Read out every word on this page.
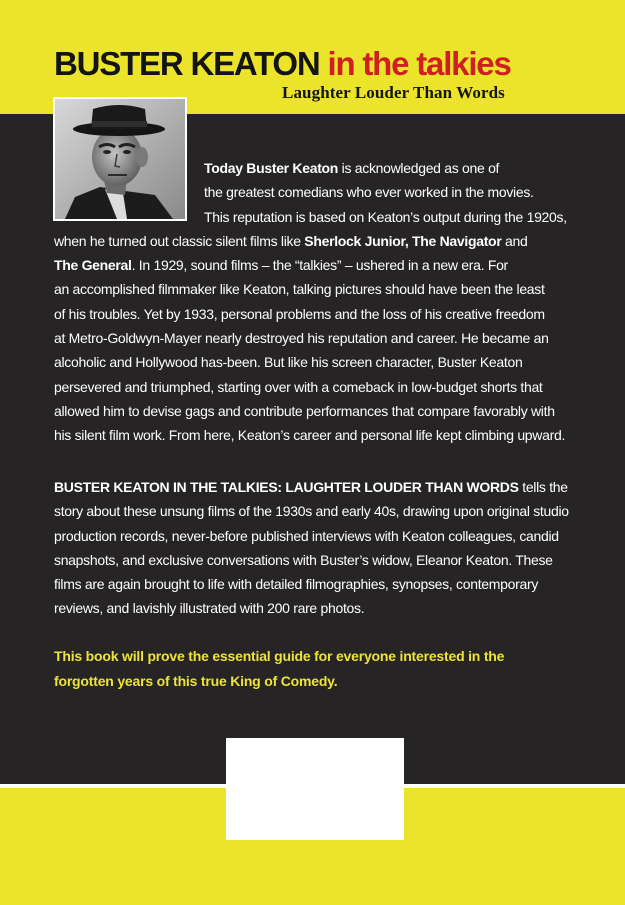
BUSTER KEATON in the talkies
Laughter Louder Than Words
Today Buster Keaton is acknowledged as one of
the greatest comedians who ever worked in the movies.
This reputation is based on Keaton’s output during the 1920s,
when he turned out classic silent films like Sherlock Junior, The Navigator and
The General. In 1929, sound films – the “talkies” – ushered in a new era. For
an accomplished filmmaker like Keaton, talking pictures should have been the least
of his troubles. Yet by 1933, personal problems and the loss of his creative freedom
at Metro-Goldwyn-Mayer nearly destroyed his reputation and career. He became an
alcoholic and Hollywood has-been. But like his screen character, Buster Keaton
persevered and triumphed, starting over with a comeback in low-budget shorts that
allowed him to devise gags and contribute performances that compare favorably with
his silent film work. From here, Keaton’s career and personal life kept climbing upward.
BUSTER KEATON IN THE TALKIES: LAUGHTER LOUDER THAN WORDS tells the
story about these unsung films of the 1930s and early 40s, drawing upon original studio
production records, never-before published interviews with Keaton colleagues, candid
snapshots, and exclusive conversations with Buster’s widow, Eleanor Keaton. These
films are again brought to life with detailed filmographies, synopses, contemporary
reviews, and lavishly illustrated with 200 rare photos.
This book will prove the essential guide for everyone interested in the
forgotten years of this true King of Comedy.
